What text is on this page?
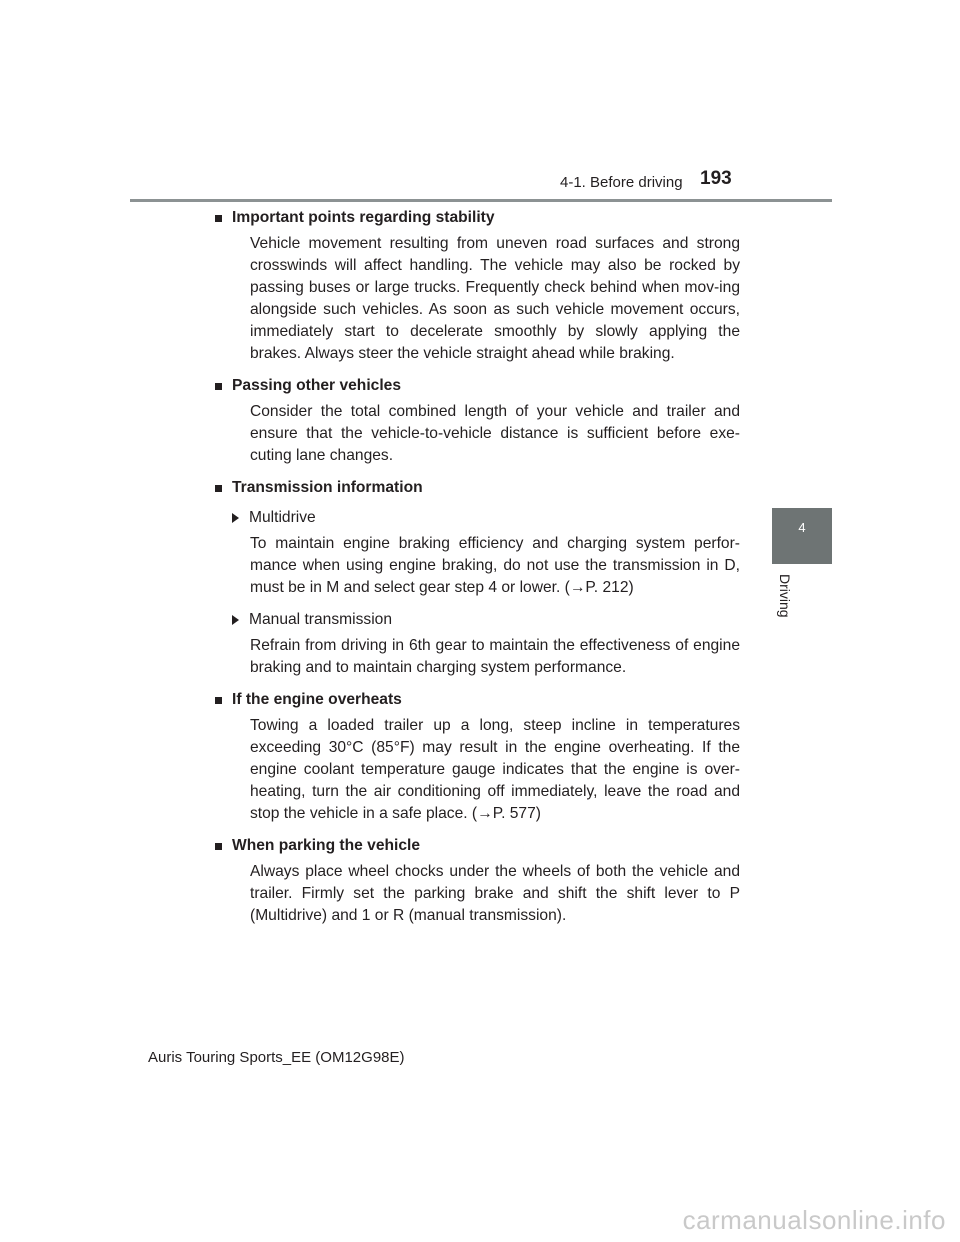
4-1. Before driving 193
4
Driving
Important points regarding stability

Vehicle movement resulting from uneven road surfaces and strong crosswinds will affect handling. The vehicle may also be rocked by passing buses or large trucks. Frequently check behind when mov-ing alongside such vehicles. As soon as such vehicle movement occurs, immediately start to decelerate smoothly by slowly applying the brakes. Always steer the vehicle straight ahead while braking.

Passing other vehicles

Consider the total combined length of your vehicle and trailer and ensure that the vehicle-to-vehicle distance is sufficient before exe-cuting lane changes.

Transmission information
Multidrive

To maintain engine braking efficiency and charging system perfor-mance when using engine braking, do not use the transmission in D, must be in M and select gear step 4 or lower. (→P. 212)

Manual transmission

Refrain from driving in 6th gear to maintain the effectiveness of engine braking and to maintain charging system performance.

If the engine overheats

Towing a loaded trailer up a long, steep incline in temperatures exceeding 30°C (85°F) may result in the engine overheating. If the engine coolant temperature gauge indicates that the engine is over-heating, turn the air conditioning off immediately, leave the road and stop the vehicle in a safe place. (→P. 577)

When parking the vehicle

Always place wheel chocks under the wheels of both the vehicle and trailer. Firmly set the parking brake and shift the shift lever to P (Multidrive) and 1 or R (manual transmission).

Auris Touring Sports_EE (OM12G98E)
carmanualsonline.info
